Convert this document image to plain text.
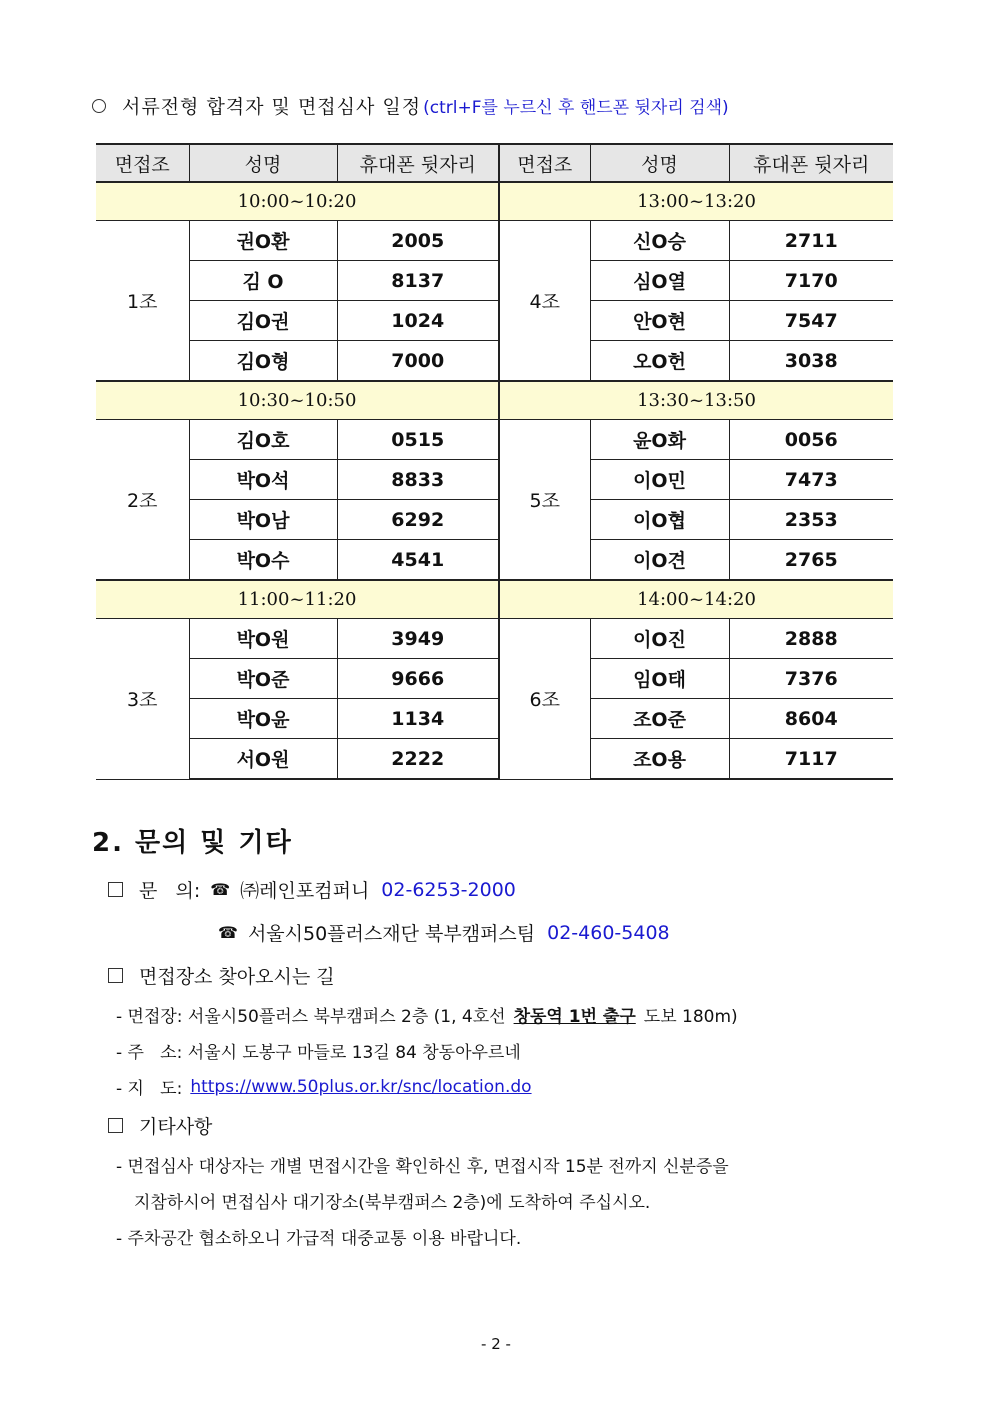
서류전형 합격자 및 면접심사 일정 (ctrl+F를 누르신 후 핸드폰 뒷자리 검색)
면접조	성명	휴대폰 뒷자리	면접조	성명	휴대폰 뒷자리
10:00~10:20			13:00~13:20		
1조	권O환	2005	4조	신O승	2711
	김 O	8137		심O열	7170
	김O권	1024		안O현	7547
	김O형	7000		오O헌	3038
10:30~10:50			13:30~13:50		
2조	김O호	0515	5조	윤O화	0056
	박O석	8833		이O민	7473
	박O남	6292		이O협	2353
	박O수	4541		이O견	2765
11:00~11:20			14:00~14:20		
3조	박O원	3949	6조	이O진	2888
	박O준	9666		임O태	7376
	박O윤	1134		조O준	8604
	서O원	2222		조O용	7117
2. 문의 및 기타
문   의: ☎ ㈜레인포컴퍼니 02-6253-2000
☎ 서울시50플러스재단 북부캠퍼스팀 02-460-5408
면접장소 찾아오시는 길
- 면접장: 서울시50플러스 북부캠퍼스 2층 (1, 4호선 창동역 1번 출구 도보 180m)
- 주   소: 서울시 도봉구 마들로 13길 84 창동아우르네
- 지   도: https://www.50plus.or.kr/snc/location.do
기타사항
- 면접심사 대상자는 개별 면접시간을 확인하신 후, 면접시작 15분 전까지 신분증을
지참하시어 면접심사 대기장소(북부캠퍼스 2층)에 도착하여 주십시오.
- 주차공간 협소하오니 가급적 대중교통 이용 바랍니다.
- 2 -
